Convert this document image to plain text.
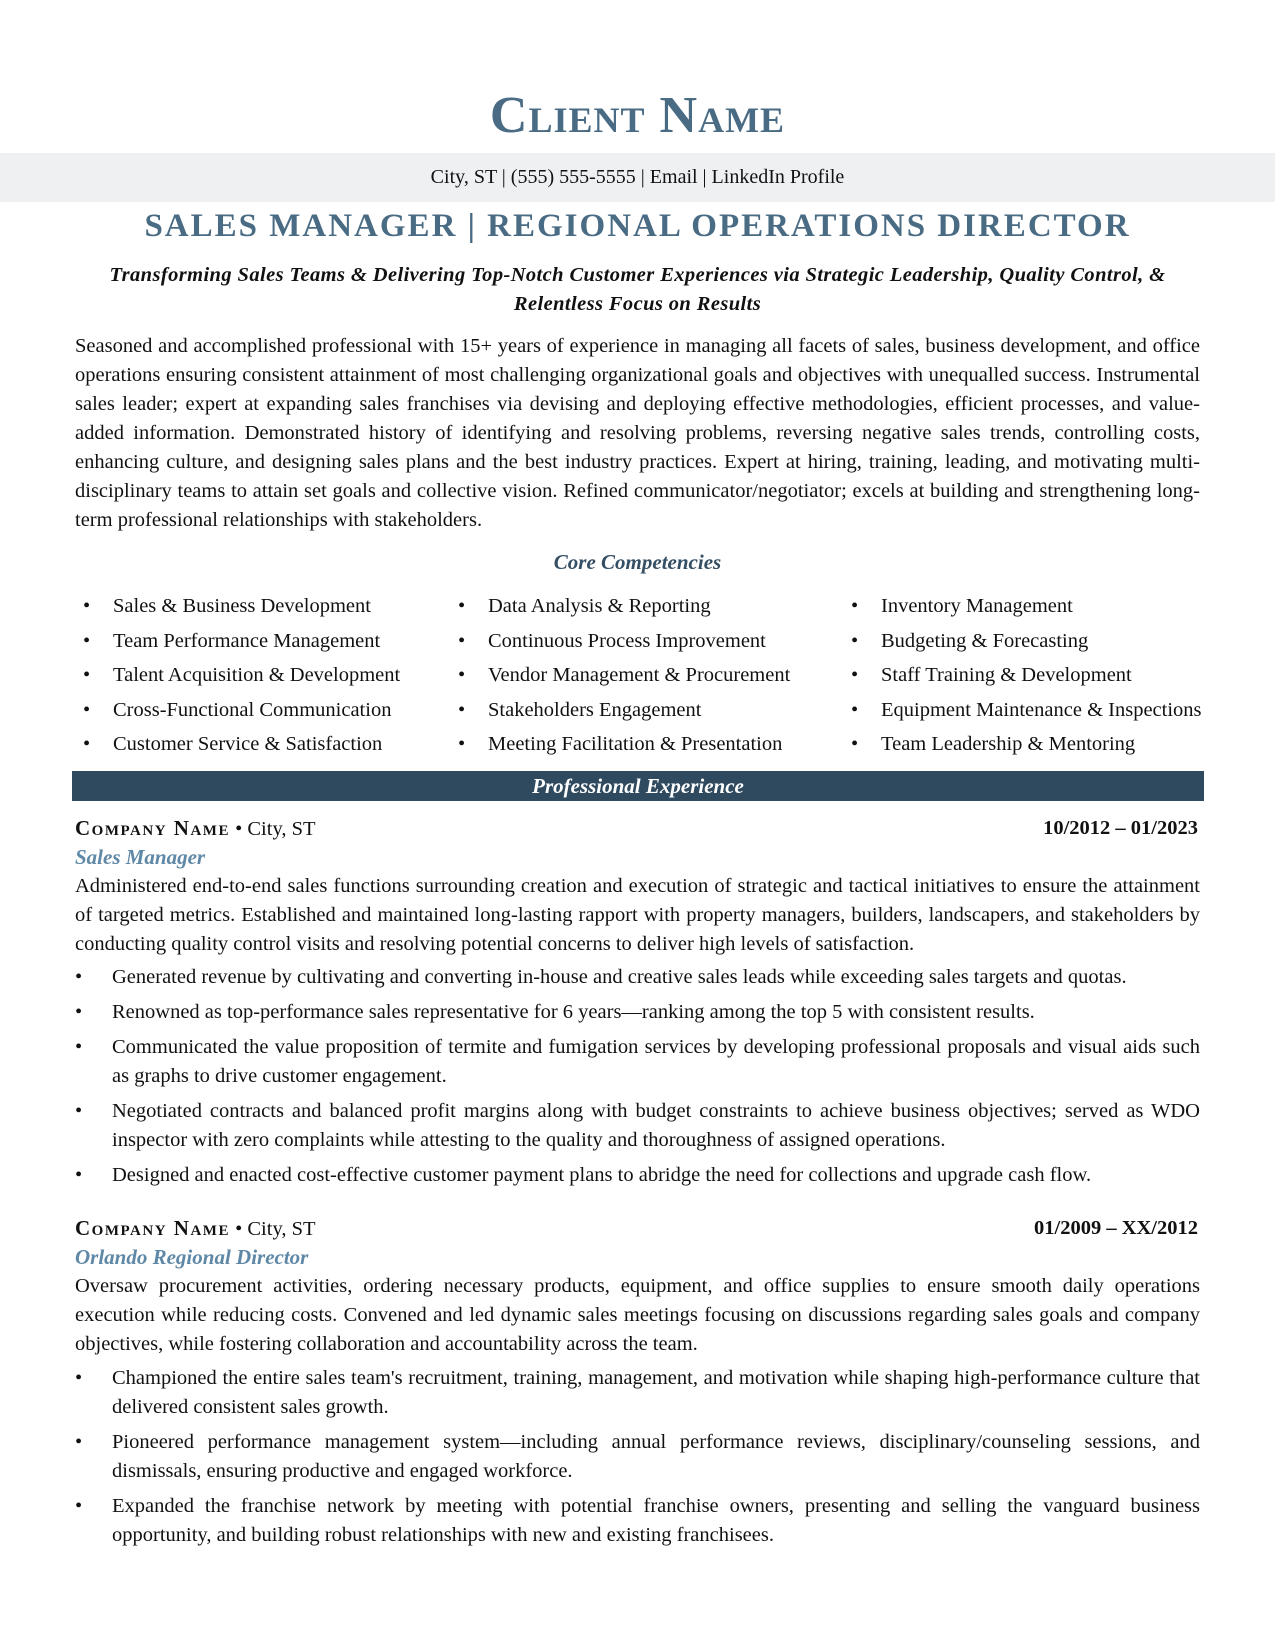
Client Name
City, ST | (555) 555-5555 | Email | LinkedIn Profile
SALES MANAGER | REGIONAL OPERATIONS DIRECTOR
Transforming Sales Teams & Delivering Top-Notch Customer Experiences via Strategic Leadership, Quality Control, & Relentless Focus on Results

Seasoned and accomplished professional with 15+ years of experience in managing all facets of sales, business development, and office operations ensuring consistent attainment of most challenging organizational goals and objectives with unequalled success. Instrumental sales leader; expert at expanding sales franchises via devising and deploying effective methodologies, efficient processes, and value-added information. Demonstrated history of identifying and resolving problems, reversing negative sales trends, controlling costs, enhancing culture, and designing sales plans and the best industry practices. Expert at hiring, training, leading, and motivating multi-disciplinary teams to attain set goals and collective vision. Refined communicator/negotiator; excels at building and strengthening long-term professional relationships with stakeholders.

Core Competencies
• Sales & Business Development
• Team Performance Management
• Talent Acquisition & Development
• Cross-Functional Communication
• Customer Service & Satisfaction
• Data Analysis & Reporting
• Continuous Process Improvement
• Vendor Management & Procurement
• Stakeholders Engagement
• Meeting Facilitation & Presentation
• Inventory Management
• Budgeting & Forecasting
• Staff Training & Development
• Equipment Maintenance & Inspections
• Team Leadership & Mentoring
Professional Experience
Company Name • City, ST	10/2012 – 01/2023
Sales Manager

Administered end-to-end sales functions surrounding creation and execution of strategic and tactical initiatives to ensure the attainment of targeted metrics. Established and maintained long-lasting rapport with property managers, builders, landscapers, and stakeholders by conducting quality control visits and resolving potential concerns to deliver high levels of satisfaction.

• Generated revenue by cultivating and converting in-house and creative sales leads while exceeding sales targets and quotas.
• Renowned as top-performance sales representative for 6 years—ranking among the top 5 with consistent results.
• Communicated the value proposition of termite and fumigation services by developing professional proposals and visual aids such as graphs to drive customer engagement.
• Negotiated contracts and balanced profit margins along with budget constraints to achieve business objectives; served as WDO inspector with zero complaints while attesting to the quality and thoroughness of assigned operations.
• Designed and enacted cost-effective customer payment plans to abridge the need for collections and upgrade cash flow.
Company Name • City, ST	01/2009 – XX/2012
Orlando Regional Director

Oversaw procurement activities, ordering necessary products, equipment, and office supplies to ensure smooth daily operations execution while reducing costs. Convened and led dynamic sales meetings focusing on discussions regarding sales goals and company objectives, while fostering collaboration and accountability across the team.

• Championed the entire sales team's recruitment, training, management, and motivation while shaping high-performance culture that delivered consistent sales growth.
• Pioneered performance management system—including annual performance reviews, disciplinary/counseling sessions, and dismissals, ensuring productive and engaged workforce.
• Expanded the franchise network by meeting with potential franchise owners, presenting and selling the vanguard business opportunity, and building robust relationships with new and existing franchisees.
